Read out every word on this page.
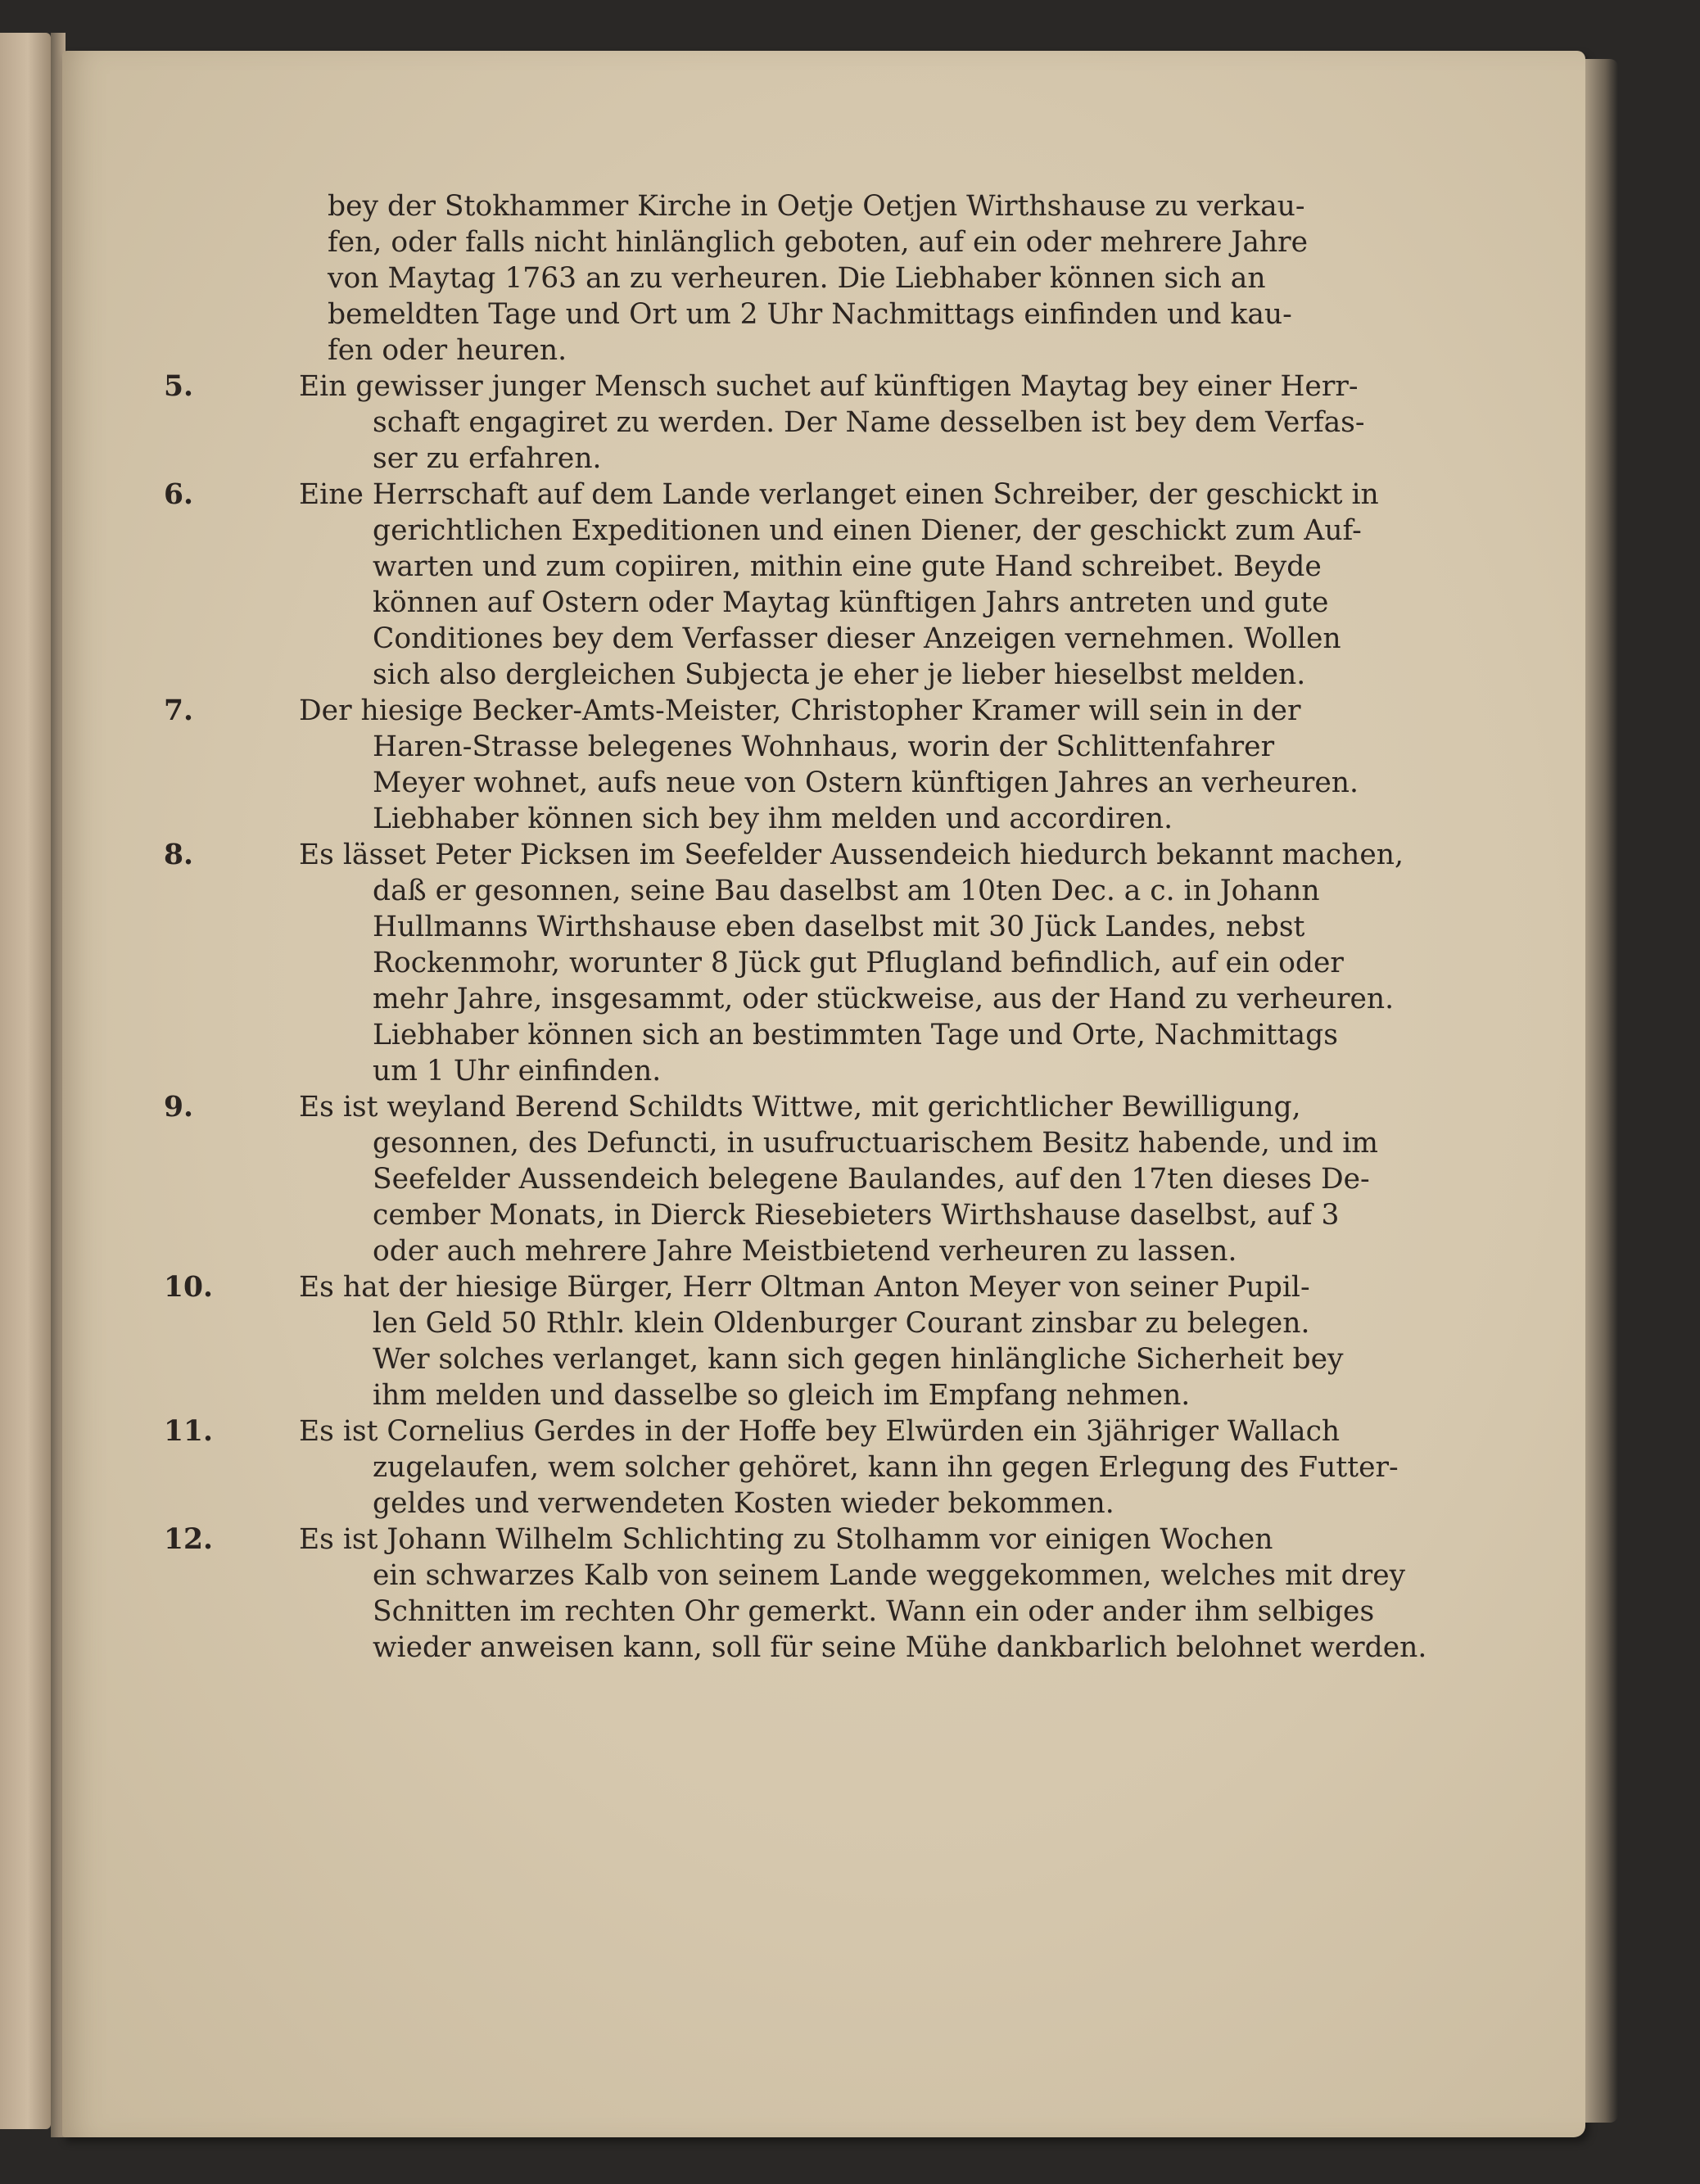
bey der Stokhammer Kirche in Oetje Oetjen Wirthshause zu verkau-
fen, oder falls nicht hinlänglich geboten, auf ein oder mehrere Jahre
von Maytag 1763 an zu verheuren. Die Liebhaber können sich an
bemeldten Tage und Ort um 2 Uhr Nachmittags einfinden und kau-
fen oder heuren.
5.	Ein gewisser junger Mensch suchet auf künftigen Maytag bey einer Herr-
schaft engagiret zu werden. Der Name desselben ist bey dem Verfas-
ser zu erfahren.
6.	Eine Herrschaft auf dem Lande verlanget einen Schreiber, der geschickt in
gerichtlichen Expeditionen und einen Diener, der geschickt zum Auf-
warten und zum copiiren, mithin eine gute Hand schreibet. Beyde
können auf Ostern oder Maytag künftigen Jahrs antreten und gute
Conditiones bey dem Verfasser dieser Anzeigen vernehmen. Wollen
sich also dergleichen Subjecta je eher je lieber hieselbst melden.
7.	Der hiesige Becker-Amts-Meister, Christopher Kramer will sein in der
Haren-Strasse belegenes Wohnhaus, worin der Schlittenfahrer
Meyer wohnet, aufs neue von Ostern künftigen Jahres an verheuren.
Liebhaber können sich bey ihm melden und accordiren.
8.	Es lässet Peter Picksen im Seefelder Aussendeich hiedurch bekannt machen,
daß er gesonnen, seine Bau daselbst am 10ten Dec. a c. in Johann
Hullmanns Wirthshause eben daselbst mit 30 Jück Landes, nebst
Rockenmohr, worunter 8 Jück gut Pflugland befindlich, auf ein oder
mehr Jahre, insgesammt, oder stückweise, aus der Hand zu verheuren.
Liebhaber können sich an bestimmten Tage und Orte, Nachmittags
um 1 Uhr einfinden.
9.	Es ist weyland Berend Schildts Wittwe, mit gerichtlicher Bewilligung,
gesonnen, des Defuncti, in usufructuarischem Besitz habende, und im
Seefelder Aussendeich belegene Baulandes, auf den 17ten dieses De-
cember Monats, in Dierck Riesebieters Wirthshause daselbst, auf 3
oder auch mehrere Jahre Meistbietend verheuren zu lassen.
10.	Es hat der hiesige Bürger, Herr Oltman Anton Meyer von seiner Pupil-
len Geld 50 Rthlr. klein Oldenburger Courant zinsbar zu belegen.
Wer solches verlanget, kann sich gegen hinlängliche Sicherheit bey
ihm melden und dasselbe so gleich im Empfang nehmen.
11.	Es ist Cornelius Gerdes in der Hoffe bey Elwürden ein 3jähriger Wallach
zugelaufen, wem solcher gehöret, kann ihn gegen Erlegung des Futter-
geldes und verwendeten Kosten wieder bekommen.
12.	Es ist Johann Wilhelm Schlichting zu Stolhamm vor einigen Wochen
ein schwarzes Kalb von seinem Lande weggekommen, welches mit drey
Schnitten im rechten Ohr gemerkt. Wann ein oder ander ihm selbiges
wieder anweisen kann, soll für seine Mühe dankbarlich belohnet werden.
